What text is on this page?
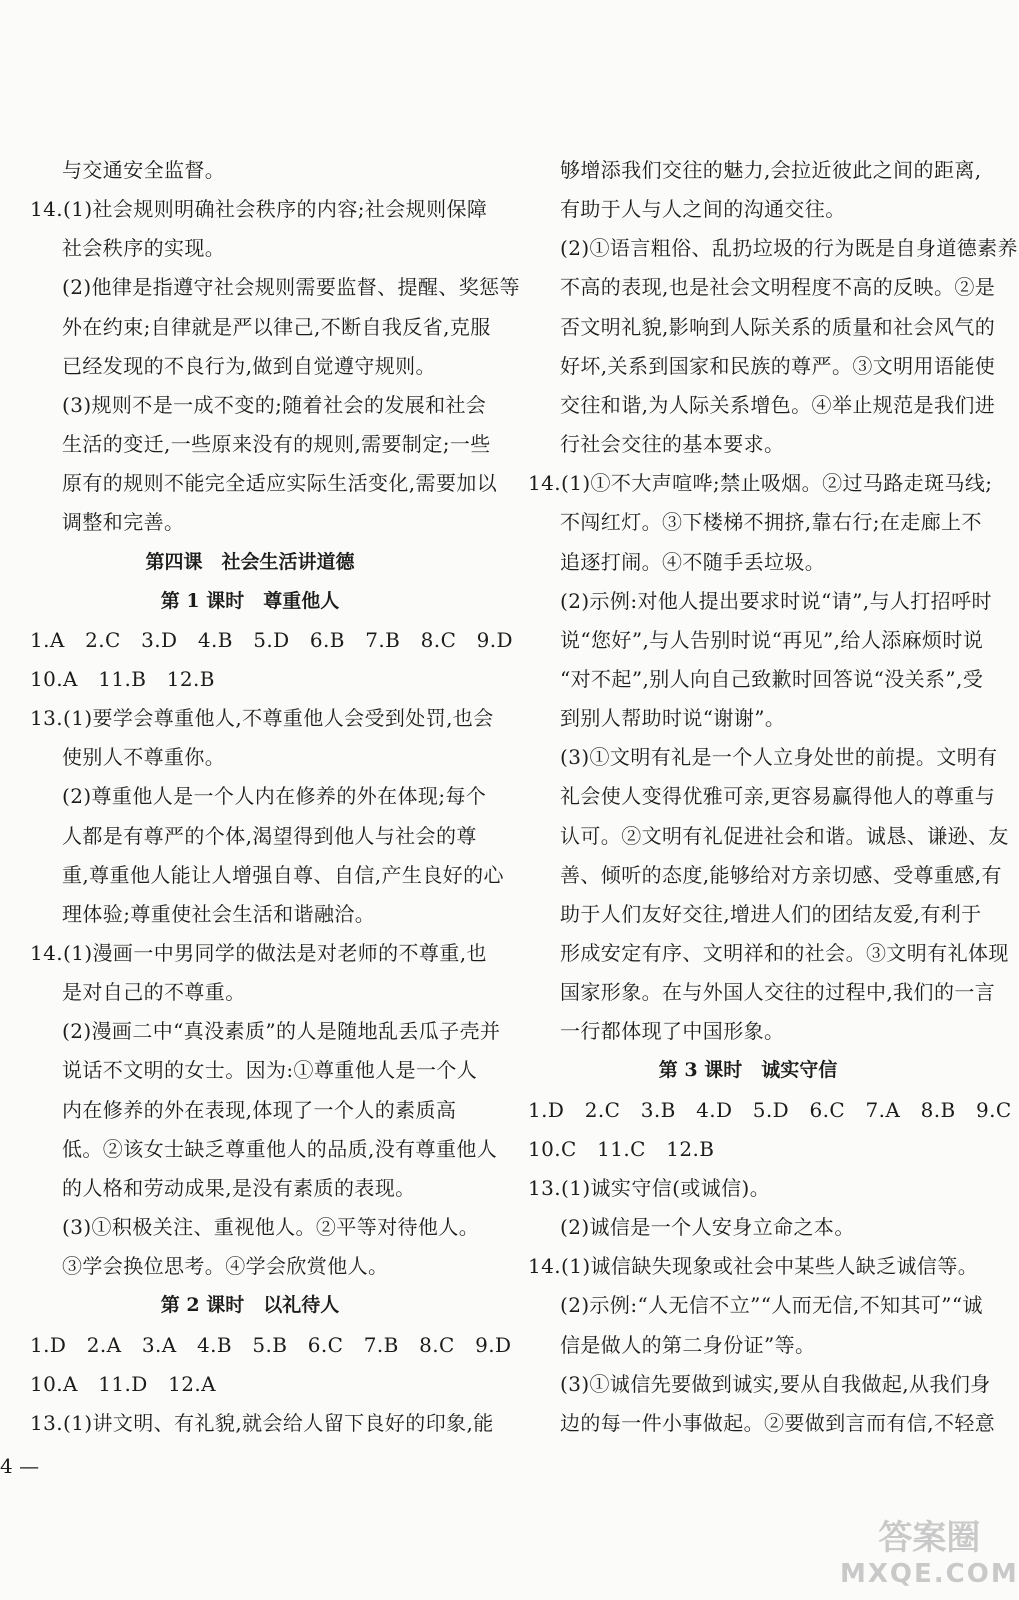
与交通安全监督。
14.(1)社会规则明确社会秩序的内容;社会规则保障
社会秩序的实现。
(2)他律是指遵守社会规则需要监督、提醒、奖惩等
外在约束;自律就是严以律己,不断自我反省,克服
已经发现的不良行为,做到自觉遵守规则。
(3)规则不是一成不变的;随着社会的发展和社会
生活的变迁,一些原来没有的规则,需要制定;一些
原有的规则不能完全适应实际生活变化,需要加以
调整和完善。
第四课　社会生活讲道德
第 1 课时　尊重他人
1.A　2.C　3.D　4.B　5.D　6.B　7.B　8.C　9.D
10.A　11.B　12.B
13.(1)要学会尊重他人,不尊重他人会受到处罚,也会
使别人不尊重你。
(2)尊重他人是一个人内在修养的外在体现;每个
人都是有尊严的个体,渴望得到他人与社会的尊
重,尊重他人能让人增强自尊、自信,产生良好的心
理体验;尊重使社会生活和谐融洽。
14.(1)漫画一中男同学的做法是对老师的不尊重,也
是对自己的不尊重。
(2)漫画二中“真没素质”的人是随地乱丢瓜子壳并
说话不文明的女士。因为:①尊重他人是一个人
内在修养的外在表现,体现了一个人的素质高
低。②该女士缺乏尊重他人的品质,没有尊重他人
的人格和劳动成果,是没有素质的表现。
(3)①积极关注、重视他人。②平等对待他人。
③学会换位思考。④学会欣赏他人。
第 2 课时　以礼待人
1.D　2.A　3.A　4.B　5.B　6.C　7.B　8.C　9.D
10.A　11.D　12.A
13.(1)讲文明、有礼貌,就会给人留下良好的印象,能
够增添我们交往的魅力,会拉近彼此之间的距离,
有助于人与人之间的沟通交往。
(2)①语言粗俗、乱扔垃圾的行为既是自身道德素养
不高的表现,也是社会文明程度不高的反映。②是
否文明礼貌,影响到人际关系的质量和社会风气的
好坏,关系到国家和民族的尊严。③文明用语能使
交往和谐,为人际关系增色。④举止规范是我们进
行社会交往的基本要求。
14.(1)①不大声喧哗;禁止吸烟。②过马路走斑马线;
不闯红灯。③下楼梯不拥挤,靠右行;在走廊上不
追逐打闹。④不随手丢垃圾。
(2)示例:对他人提出要求时说“请”,与人打招呼时
说“您好”,与人告别时说“再见”,给人添麻烦时说
“对不起”,别人向自己致歉时回答说“没关系”,受
到别人帮助时说“谢谢”。
(3)①文明有礼是一个人立身处世的前提。文明有
礼会使人变得优雅可亲,更容易赢得他人的尊重与
认可。②文明有礼促进社会和谐。诚恳、谦逊、友
善、倾听的态度,能够给对方亲切感、受尊重感,有
助于人们友好交往,增进人们的团结友爱,有利于
形成安定有序、文明祥和的社会。③文明有礼体现
国家形象。在与外国人交往的过程中,我们的一言
一行都体现了中国形象。
第 3 课时　诚实守信
1.D　2.C　3.B　4.D　5.D　6.C　7.A　8.B　9.C
10.C　11.C　12.B
13.(1)诚实守信(或诚信)。
(2)诚信是一个人安身立命之本。
14.(1)诚信缺失现象或社会中某些人缺乏诚信等。
(2)示例:“人无信不立”“人而无信,不知其可”“诚
信是做人的第二身份证”等。
(3)①诚信先要做到诚实,要从自我做起,从我们身
边的每一件小事做起。②要做到言而有信,不轻意
4 —
答案圈
MXQE.COM
